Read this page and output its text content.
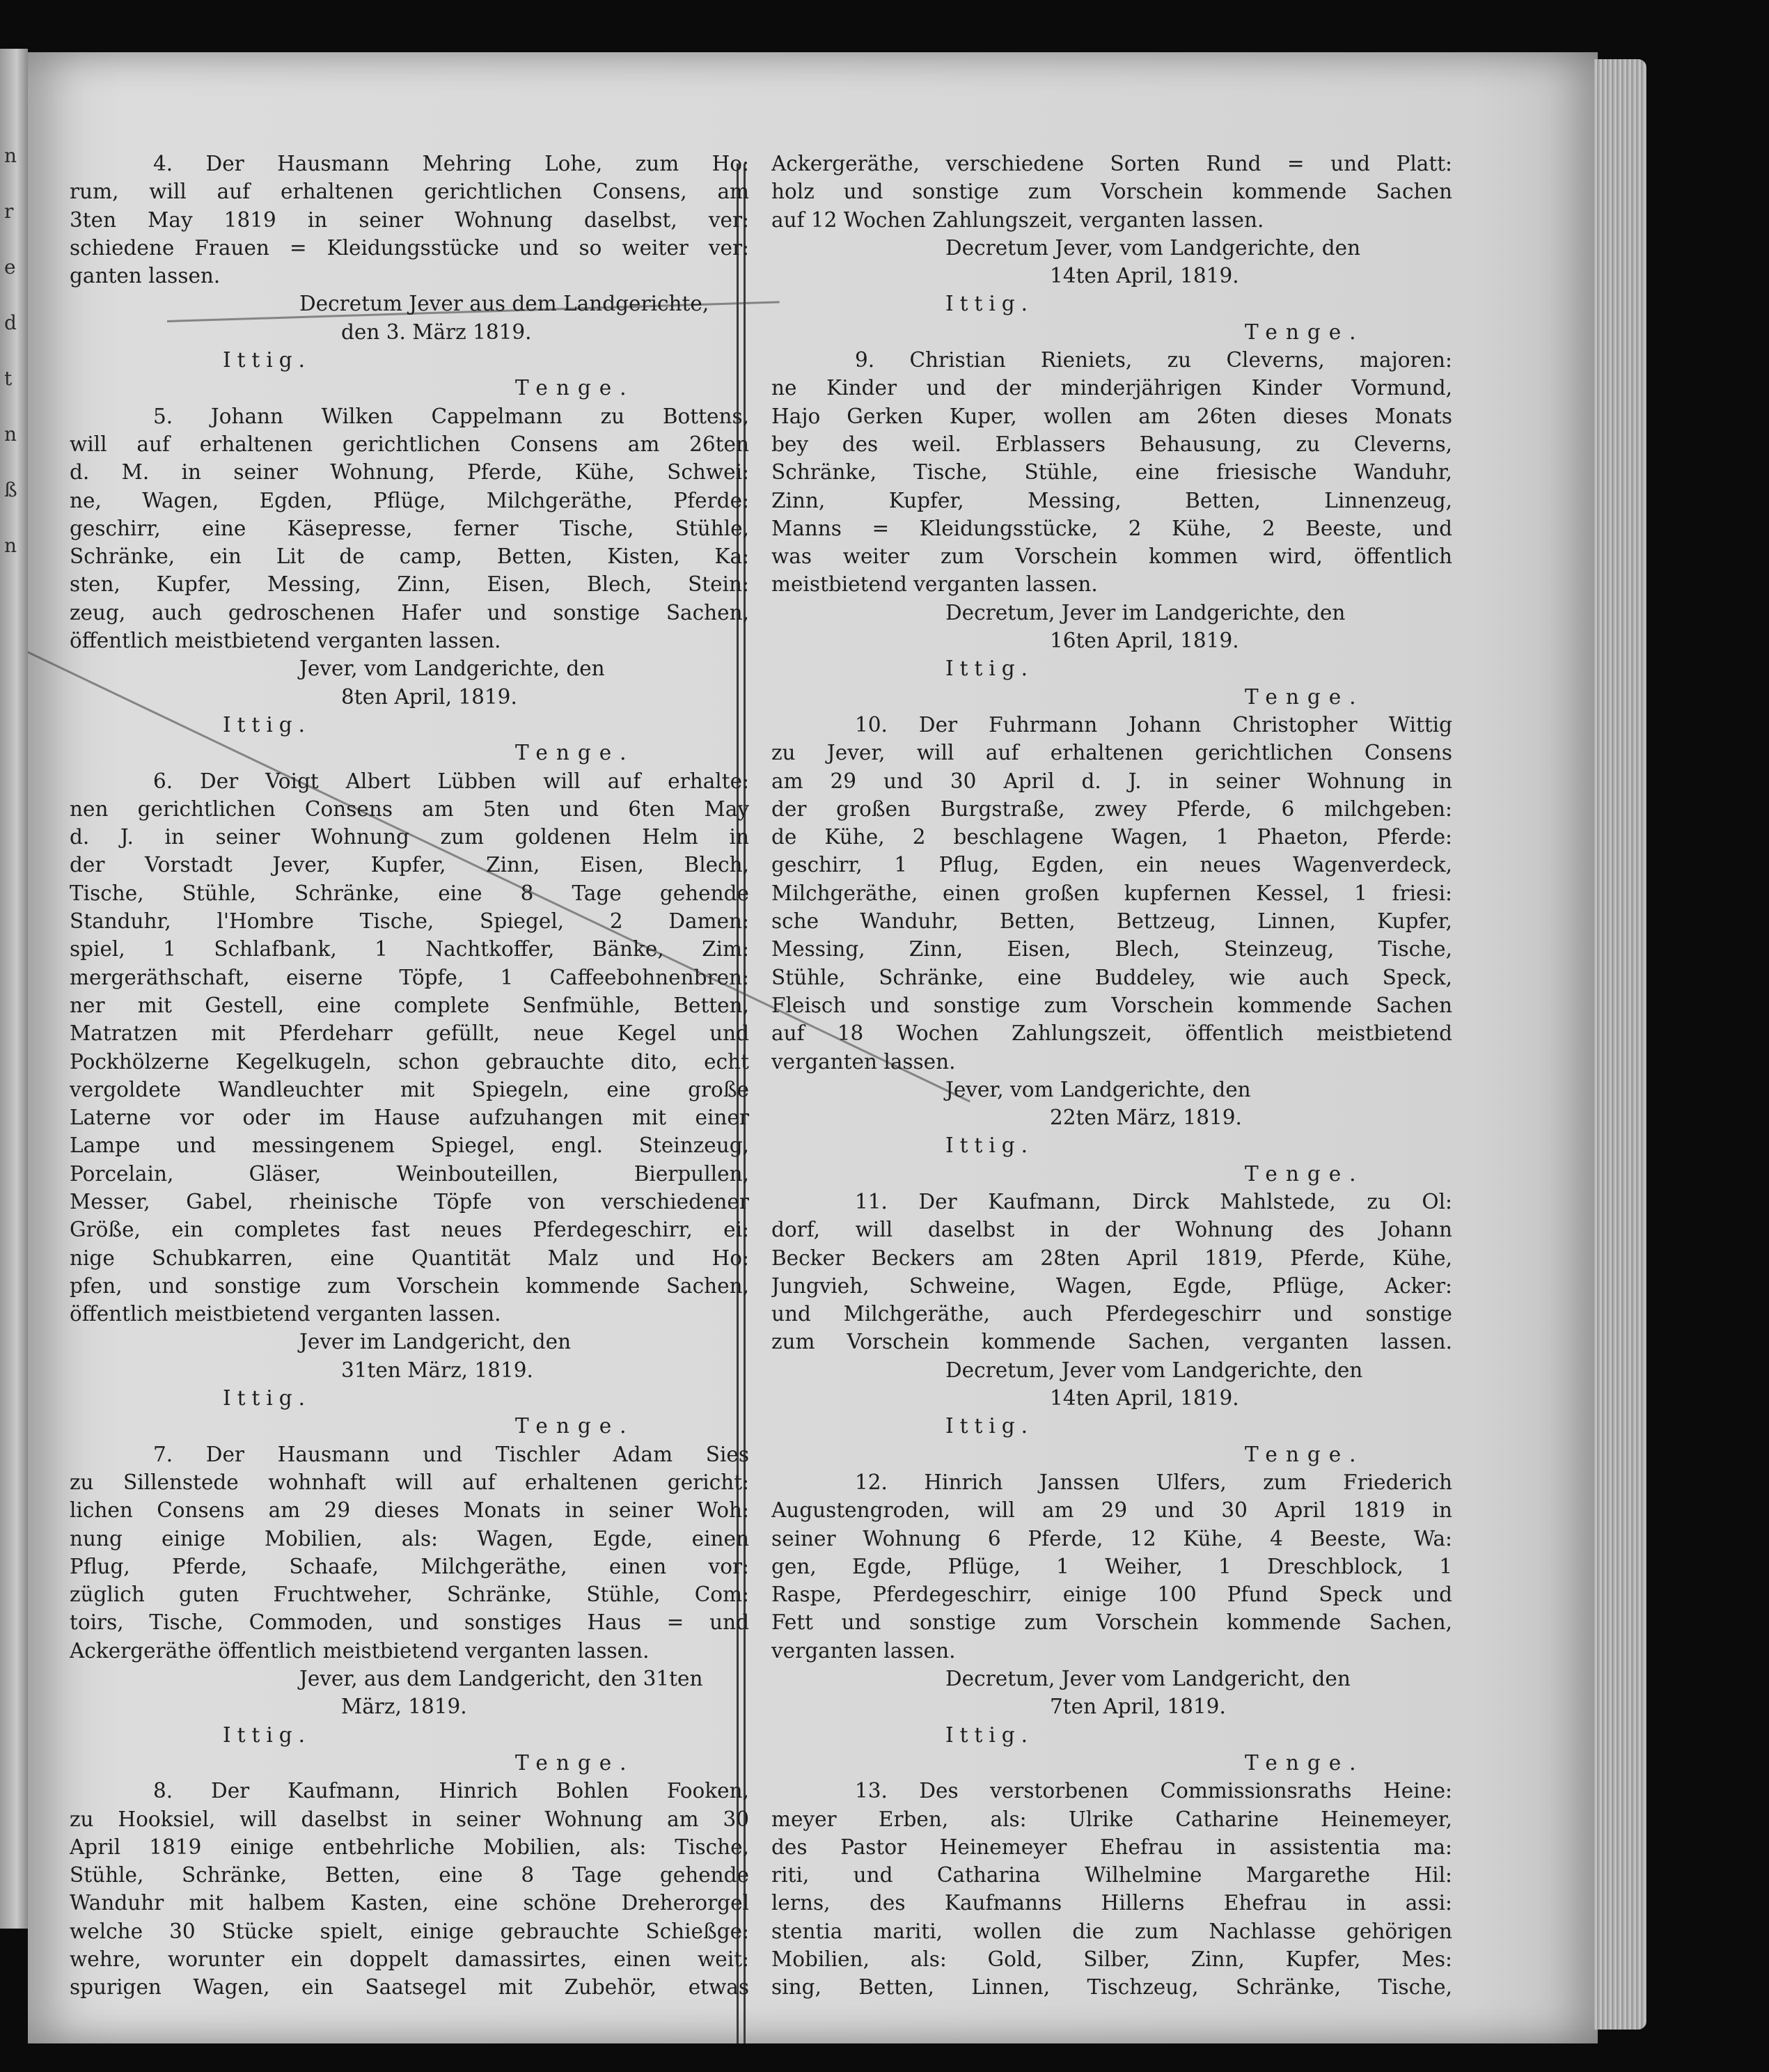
n
r
e
d
t
n
ß
n
4. Der Hausmann Mehring Lohe, zum Ho:
rum, will auf erhaltenen gerichtlichen Consens, am
3ten May 1819 in seiner Wohnung daselbst, ver:
schiedene Frauen = Kleidungsstücke und so weiter ver:
ganten lassen.
Decretum Jever aus dem Landgerichte,
den 3. März 1819.
Ittig.
Tenge.
5. Johann Wilken Cappelmann zu Bottens,
will auf erhaltenen gerichtlichen Consens am 26ten
d. M. in seiner Wohnung, Pferde, Kühe, Schwei:
ne, Wagen, Egden, Pflüge, Milchgeräthe, Pferde:
geschirr, eine Käsepresse, ferner Tische, Stühle,
Schränke, ein Lit de camp, Betten, Kisten, Ka:
sten, Kupfer, Messing, Zinn, Eisen, Blech, Stein:
zeug, auch gedroschenen Hafer und sonstige Sachen,
öffentlich meistbietend verganten lassen.
Jever, vom Landgerichte, den
8ten April, 1819.
Ittig.
Tenge.
6. Der Voigt Albert Lübben will auf erhalte:
nen gerichtlichen Consens am 5ten und 6ten May
d. J. in seiner Wohnung zum goldenen Helm in
der Vorstadt Jever, Kupfer, Zinn, Eisen, Blech,
Tische, Stühle, Schränke, eine 8 Tage gehende
Standuhr, l'Hombre Tische, Spiegel, 2 Damen:
spiel, 1 Schlafbank, 1 Nachtkoffer, Bänke, Zim:
mergeräthschaft, eiserne Töpfe, 1 Caffeebohnenbren:
ner mit Gestell, eine complete Senfmühle, Betten,
Matratzen mit Pferdeharr gefüllt, neue Kegel und
Pockhölzerne Kegelkugeln, schon gebrauchte dito, echt
vergoldete Wandleuchter mit Spiegeln, eine große
Laterne vor oder im Hause aufzuhangen mit einer
Lampe und messingenem Spiegel, engl. Steinzeug,
Porcelain, Gläser, Weinbouteillen, Bierpullen,
Messer, Gabel, rheinische Töpfe von verschiedener
Größe, ein completes fast neues Pferdegeschirr, ei:
nige Schubkarren, eine Quantität Malz und Ho:
pfen, und sonstige zum Vorschein kommende Sachen,
öffentlich meistbietend verganten lassen.
Jever im Landgericht, den
31ten März, 1819.
Ittig.
Tenge.
7. Der Hausmann und Tischler Adam Sies
zu Sillenstede wohnhaft will auf erhaltenen gericht:
lichen Consens am 29 dieses Monats in seiner Woh:
nung einige Mobilien, als: Wagen, Egde, einen
Pflug, Pferde, Schaafe, Milchgeräthe, einen vor:
züglich guten Fruchtweher, Schränke, Stühle, Com:
toirs, Tische, Commoden, und sonstiges Haus = und
Ackergeräthe öffentlich meistbietend verganten lassen.
Jever, aus dem Landgericht, den 31ten
März, 1819.
Ittig.
Tenge.
8. Der Kaufmann, Hinrich Bohlen Fooken,
zu Hooksiel, will daselbst in seiner Wohnung am 30
April 1819 einige entbehrliche Mobilien, als: Tische,
Stühle, Schränke, Betten, eine 8 Tage gehende
Wanduhr mit halbem Kasten, eine schöne Dreherorgel
welche 30 Stücke spielt, einige gebrauchte Schießge:
wehre, worunter ein doppelt damassirtes, einen weit:
spurigen Wagen, ein Saatsegel mit Zubehör, etwas
Ackergeräthe, verschiedene Sorten Rund = und Platt:
holz und sonstige zum Vorschein kommende Sachen
auf 12 Wochen Zahlungszeit, verganten lassen.
Decretum Jever, vom Landgerichte, den
14ten April, 1819.
Ittig.
Tenge.
9. Christian Rieniets, zu Cleverns, majoren:
ne Kinder und der minderjährigen Kinder Vormund,
Hajo Gerken Kuper, wollen am 26ten dieses Monats
bey des weil. Erblassers Behausung, zu Cleverns,
Schränke, Tische, Stühle, eine friesische Wanduhr,
Zinn, Kupfer, Messing, Betten, Linnenzeug,
Manns = Kleidungsstücke, 2 Kühe, 2 Beeste, und
was weiter zum Vorschein kommen wird, öffentlich
meistbietend verganten lassen.
Decretum, Jever im Landgerichte, den
16ten April, 1819.
Ittig.
Tenge.
10. Der Fuhrmann Johann Christopher Wittig
zu Jever, will auf erhaltenen gerichtlichen Consens
am 29 und 30 April d. J. in seiner Wohnung in
der großen Burgstraße, zwey Pferde, 6 milchgeben:
de Kühe, 2 beschlagene Wagen, 1 Phaeton, Pferde:
geschirr, 1 Pflug, Egden, ein neues Wagenverdeck,
Milchgeräthe, einen großen kupfernen Kessel, 1 friesi:
sche Wanduhr, Betten, Bettzeug, Linnen, Kupfer,
Messing, Zinn, Eisen, Blech, Steinzeug, Tische,
Stühle, Schränke, eine Buddeley, wie auch Speck,
Fleisch und sonstige zum Vorschein kommende Sachen
auf 18 Wochen Zahlungszeit, öffentlich meistbietend
verganten lassen.
Jever, vom Landgerichte, den
22ten März, 1819.
Ittig.
Tenge.
11. Der Kaufmann, Dirck Mahlstede, zu Ol:
dorf, will daselbst in der Wohnung des Johann
Becker Beckers am 28ten April 1819, Pferde, Kühe,
Jungvieh, Schweine, Wagen, Egde, Pflüge, Acker:
und Milchgeräthe, auch Pferdegeschirr und sonstige
zum Vorschein kommende Sachen, verganten lassen.
Decretum, Jever vom Landgerichte, den
14ten April, 1819.
Ittig.
Tenge.
12. Hinrich Janssen Ulfers, zum Friederich
Augustengroden, will am 29 und 30 April 1819 in
seiner Wohnung 6 Pferde, 12 Kühe, 4 Beeste, Wa:
gen, Egde, Pflüge, 1 Weiher, 1 Dreschblock, 1
Raspe, Pferdegeschirr, einige 100 Pfund Speck und
Fett und sonstige zum Vorschein kommende Sachen,
verganten lassen.
Decretum, Jever vom Landgericht, den
7ten April, 1819.
Ittig.
Tenge.
13. Des verstorbenen Commissionsraths Heine:
meyer Erben, als: Ulrike Catharine Heinemeyer,
des Pastor Heinemeyer Ehefrau in assistentia ma:
riti, und Catharina Wilhelmine Margarethe Hil:
lerns, des Kaufmanns Hillerns Ehefrau in assi:
stentia mariti, wollen die zum Nachlasse gehörigen
Mobilien, als: Gold, Silber, Zinn, Kupfer, Mes:
sing, Betten, Linnen, Tischzeug, Schränke, Tische,
